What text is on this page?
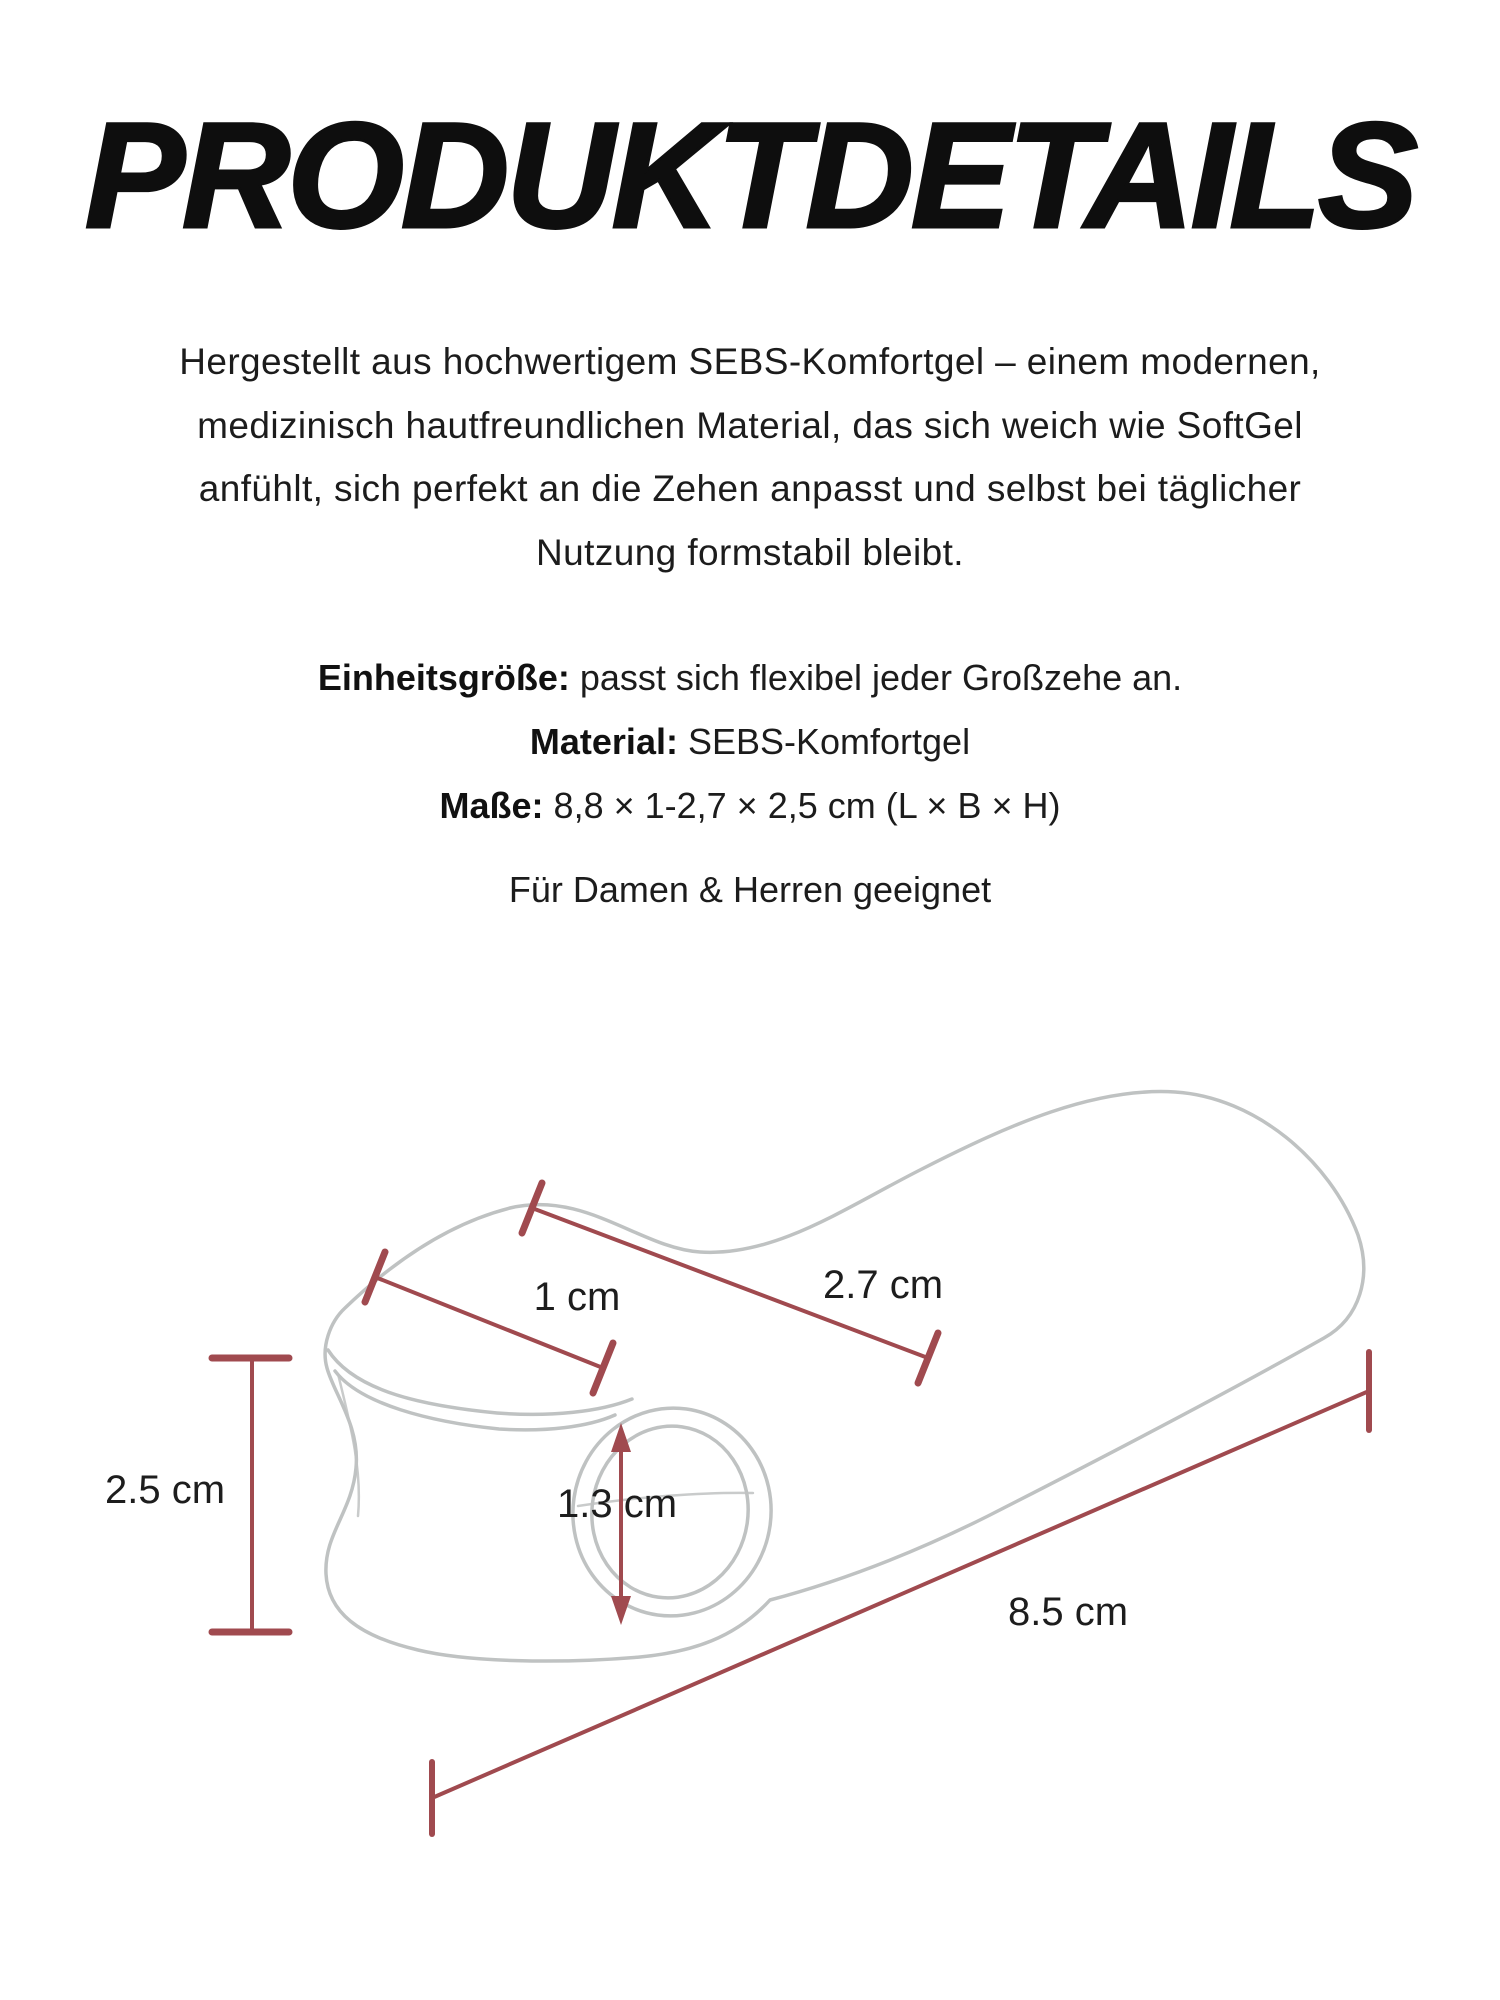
PRODUKTDETAILS
Hergestellt aus hochwertigem SEBS-Komfortgel – einem modernen,
medizinisch hautfreundlichen Material, das sich weich wie SoftGel
anfühlt, sich perfekt an die Zehen anpasst und selbst bei täglicher
Nutzung formstabil bleibt.
Einheitsgröße: passt sich flexibel jeder Großzehe an.
Material: SEBS-Komfortgel
Maße: 8,8 × 1-2,7 × 2,5 cm (L × B × H)
Für Damen & Herren geeignet
1 cm	2.7 cm
2.5 cm	1.3 cm
8.5 cm
